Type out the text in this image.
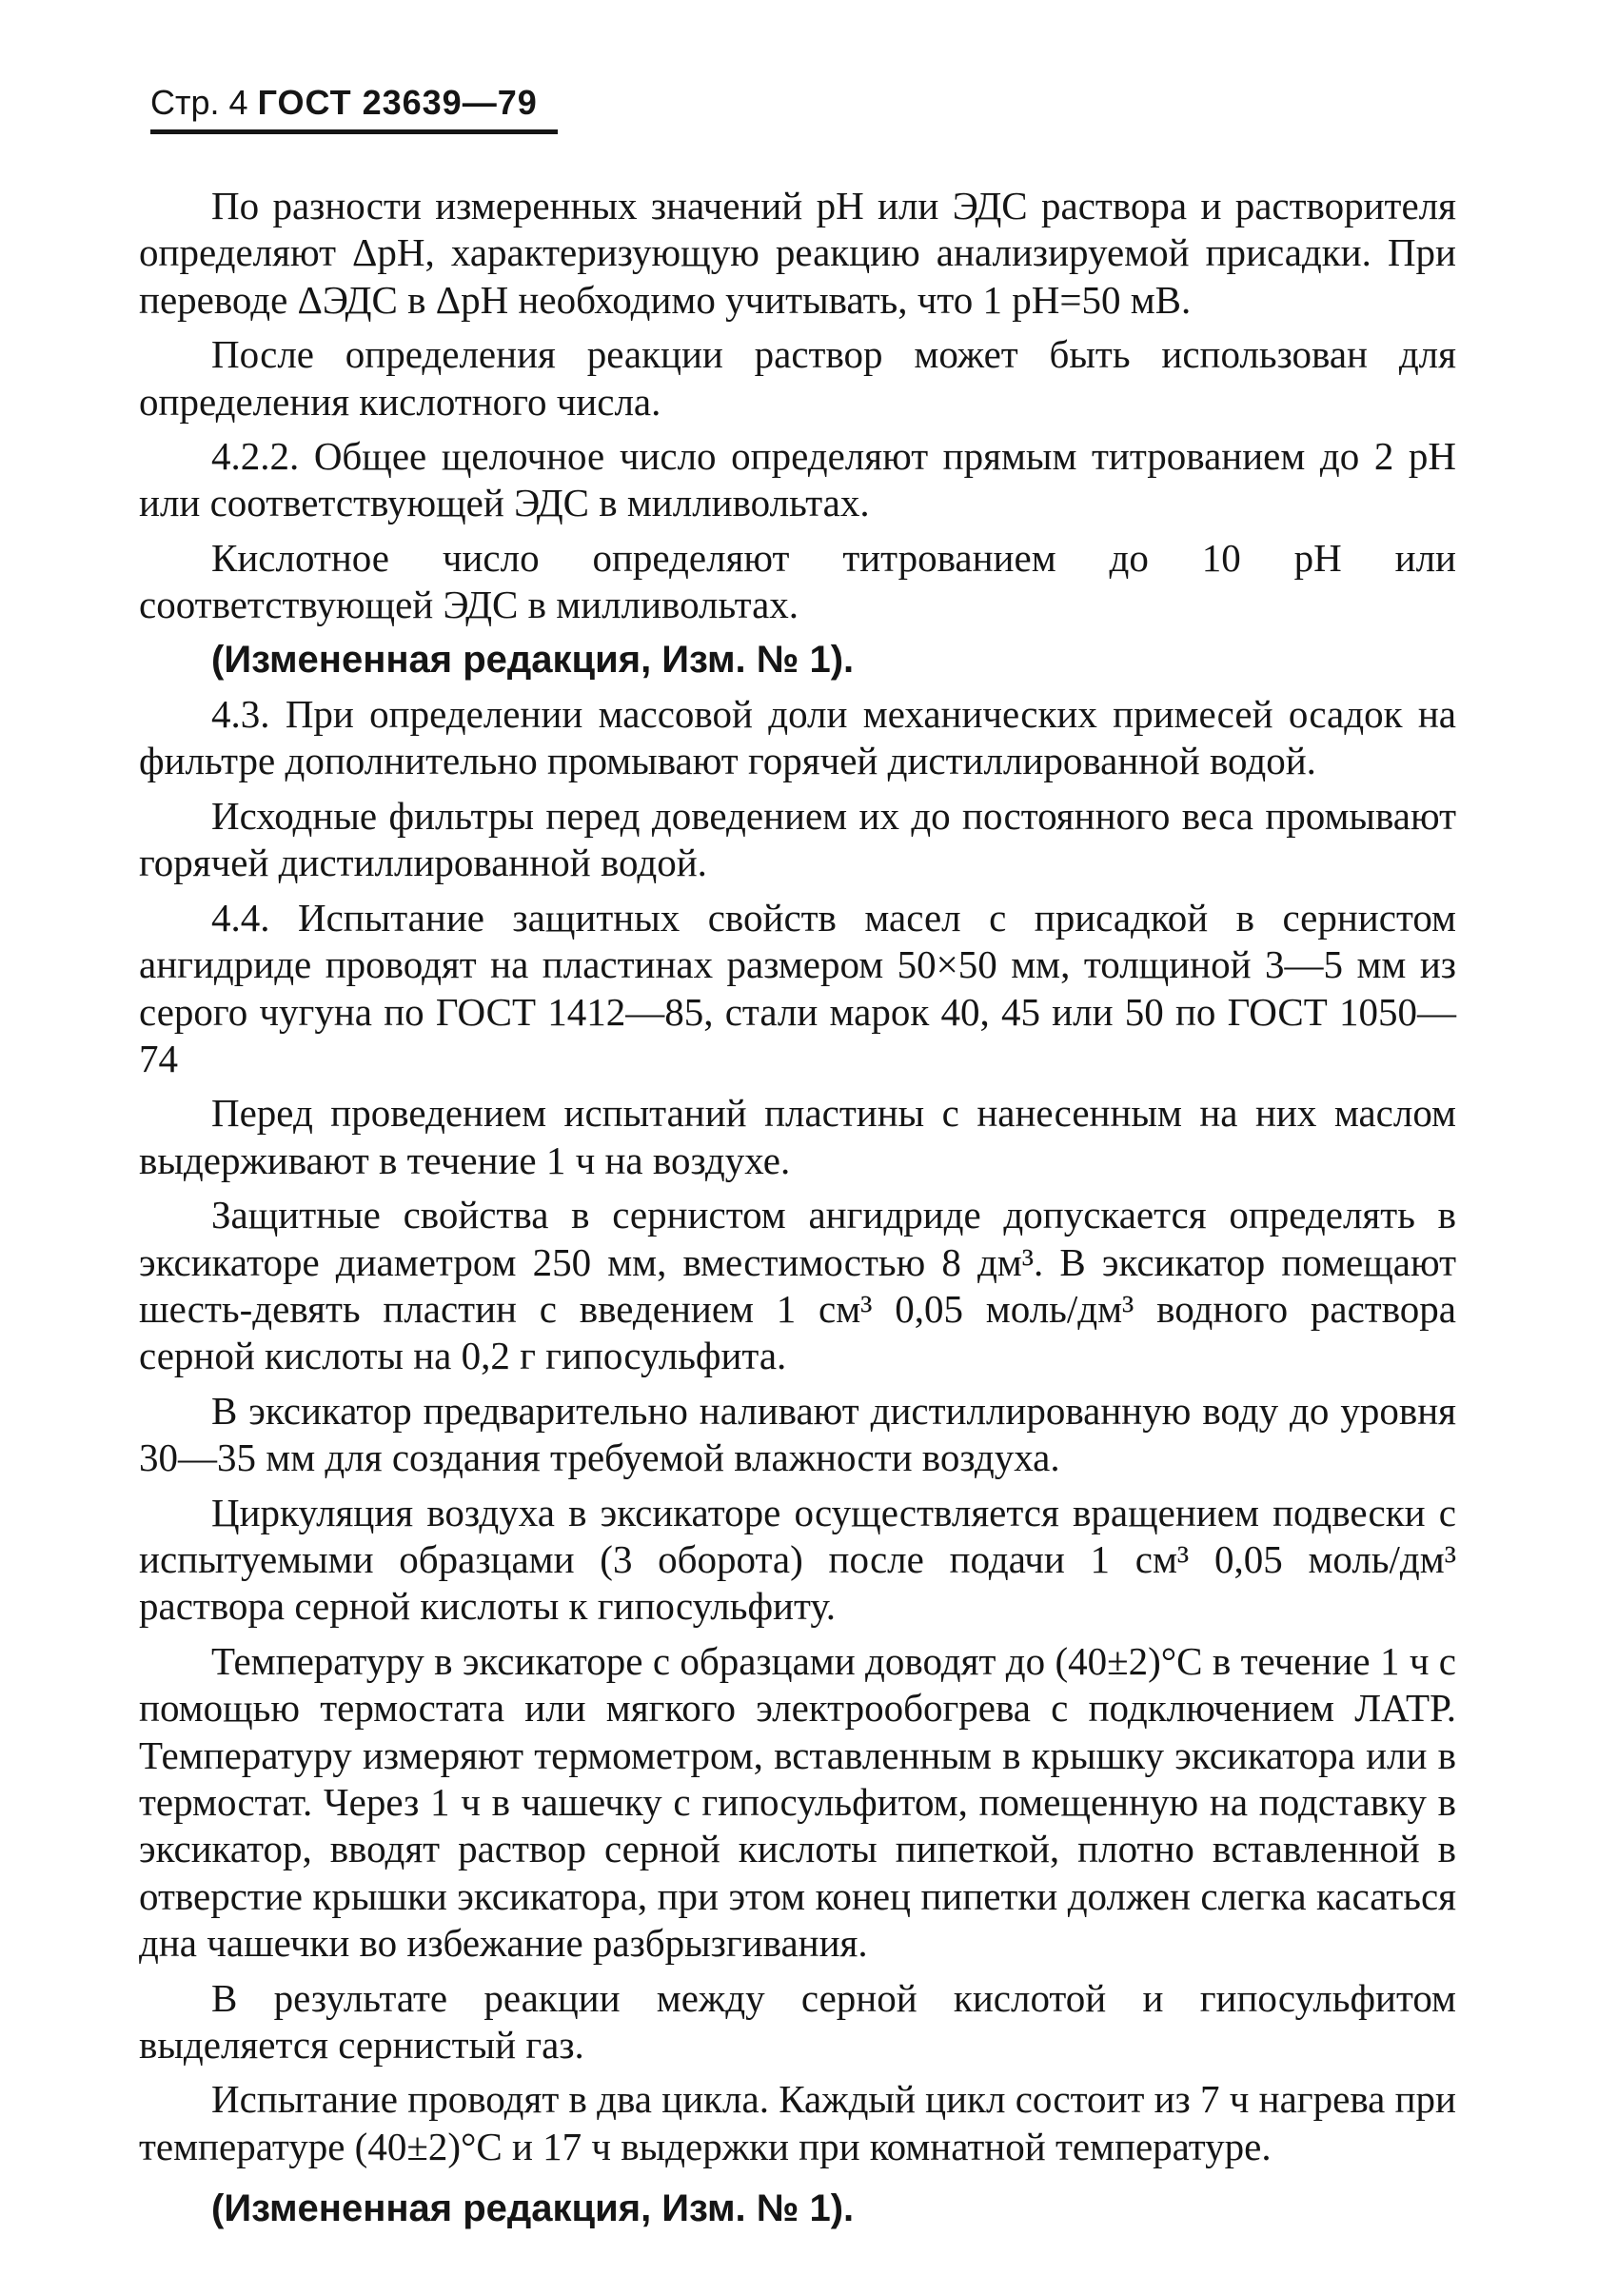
Стр. 4 ГОСТ 23639—79

По разности измеренных значений pH или ЭДС раствора и растворителя определяют ΔpH, характеризующую реакцию анализируемой присадки. При переводе ΔЭДС в ΔpH необходимо учитывать, что 1 pH=50 мВ.

После определения реакции раствор может быть использован для определения кислотного числа.

4.2.2. Общее щелочное число определяют прямым титрованием до 2 pH или соответствующей ЭДС в милливольтах.

Кислотное число определяют титрованием до 10 pH или соответствующей ЭДС в милливольтах.

(Измененная редакция, Изм. № 1).

4.3. При определении массовой доли механических примесей осадок на фильтре дополнительно промывают горячей дистиллированной водой.

Исходные фильтры перед доведением их до постоянного веса промывают горячей дистиллированной водой.

4.4. Испытание защитных свойств масел с присадкой в сернистом ангидриде проводят на пластинах размером 50×50 мм, толщиной 3—5 мм из серого чугуна по ГОСТ 1412—85, стали марок 40, 45 или 50 по ГОСТ 1050—74

Перед проведением испытаний пластины с нанесенным на них маслом выдерживают в течение 1 ч на воздухе.

Защитные свойства в сернистом ангидриде допускается определять в эксикаторе диаметром 250 мм, вместимостью 8 дм³. В эксикатор помещают шесть-девять пластин с введением 1 см³ 0,05 моль/дм³ водного раствора серной кислоты на 0,2 г гипосульфита.

В эксикатор предварительно наливают дистиллированную воду до уровня 30—35 мм для создания требуемой влажности воздуха.

Циркуляция воздуха в эксикаторе осуществляется вращением подвески с испытуемыми образцами (3 оборота) после подачи 1 см³ 0,05 моль/дм³ раствора серной кислоты к гипосульфиту.

Температуру в эксикаторе с образцами доводят до (40±2)°С в течение 1 ч с помощью термостата или мягкого электрообогрева с подключением ЛАТР. Температуру измеряют термометром, вставленным в крышку эксикатора или в термостат. Через 1 ч в чашечку с гипосульфитом, помещенную на подставку в эксикатор, вводят раствор серной кислоты пипеткой, плотно вставленной в отверстие крышки эксикатора, при этом конец пипетки должен слегка касаться дна чашечки во избежание разбрызгивания.

В результате реакции между серной кислотой и гипосульфитом выделяется сернистый газ.

Испытание проводят в два цикла. Каждый цикл состоит из 7 ч нагрева при температуре (40±2)°С и 17 ч выдержки при комнатной температуре.

(Измененная редакция, Изм. № 1).
